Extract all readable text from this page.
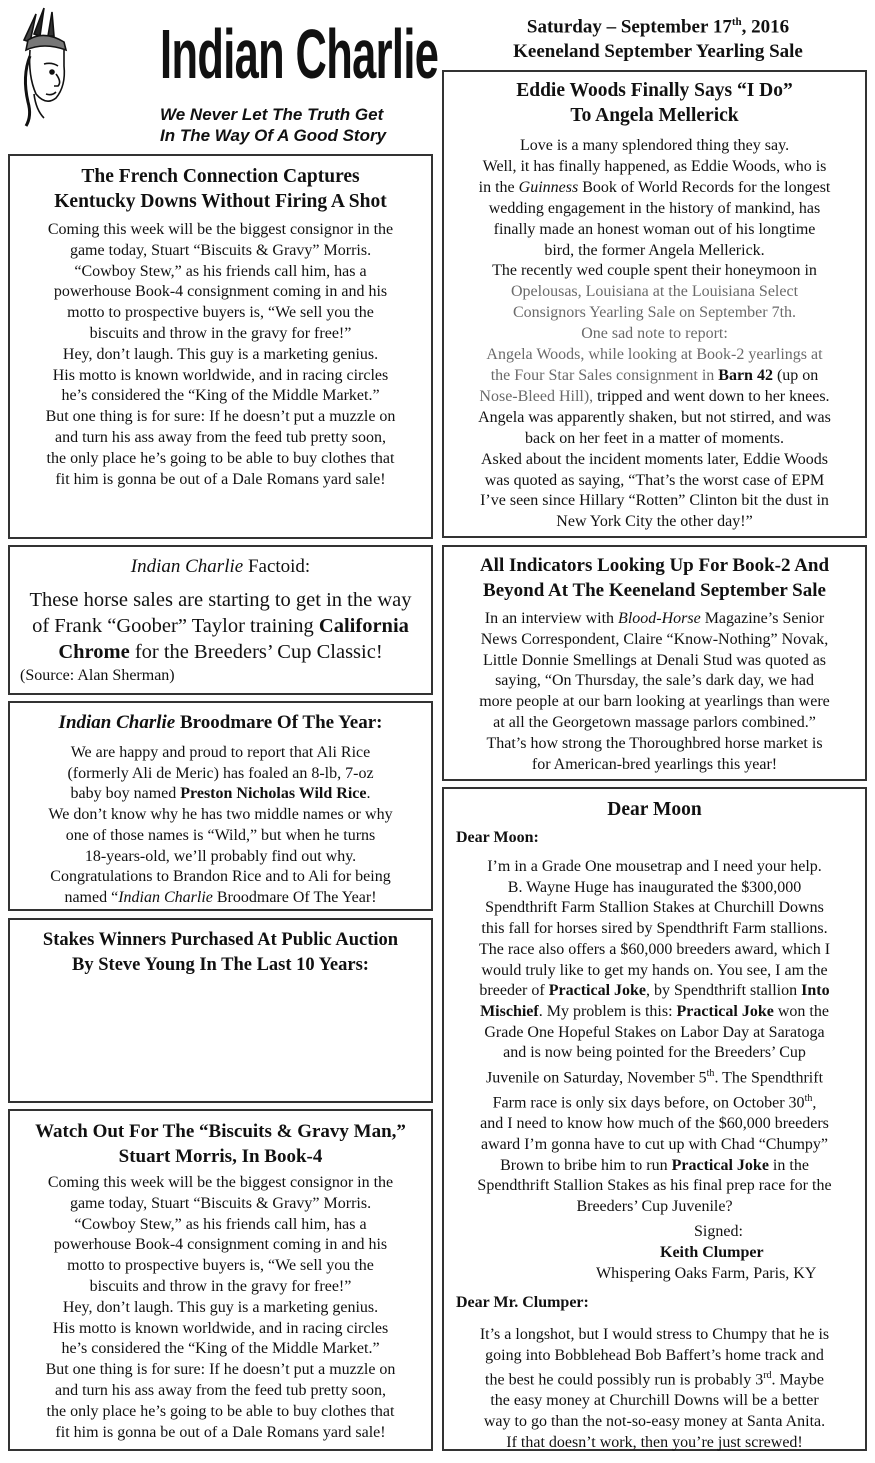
Indian Charlie
We Never Let The Truth Get
In The Way Of A Good Story
Saturday – September 17th, 2016
Keeneland September Yearling Sale
The French Connection Captures
Kentucky Downs Without Firing A Shot
Coming this week will be the biggest consignor in the
game today, Stuart “Biscuits & Gravy” Morris.
“Cowboy Stew,” as his friends call him, has a
powerhouse Book-4 consignment coming in and his
motto to prospective buyers is, “We sell you the
biscuits and throw in the gravy for free!”
Hey, don’t laugh. This guy is a marketing genius.
His motto is known worldwide, and in racing circles
he’s considered the “King of the Middle Market.”
But one thing is for sure: If he doesn’t put a muzzle on
and turn his ass away from the feed tub pretty soon,
the only place he’s going to be able to buy clothes that
fit him is gonna be out of a Dale Romans yard sale!
Indian Charlie Factoid:
These horse sales are starting to get in the way
of Frank “Goober” Taylor training California
Chrome for the Breeders’ Cup Classic!
(Source: Alan Sherman)
Indian Charlie Broodmare Of The Year:
We are happy and proud to report that Ali Rice
(formerly Ali de Meric) has foaled an 8-lb, 7-oz
baby boy named Preston Nicholas Wild Rice.
We don’t know why he has two middle names or why
one of those names is “Wild,” but when he turns
18-years-old, we’ll probably find out why.
Congratulations to Brandon Rice and to Ali for being
named “Indian Charlie Broodmare Of The Year!
Stakes Winners Purchased At Public Auction
By Steve Young In The Last 10 Years:
Watch Out For The “Biscuits & Gravy Man,”
Stuart Morris, In Book-4
Coming this week will be the biggest consignor in the
game today, Stuart “Biscuits & Gravy” Morris.
“Cowboy Stew,” as his friends call him, has a
powerhouse Book-4 consignment coming in and his
motto to prospective buyers is, “We sell you the
biscuits and throw in the gravy for free!”
Hey, don’t laugh. This guy is a marketing genius.
His motto is known worldwide, and in racing circles
he’s considered the “King of the Middle Market.”
But one thing is for sure: If he doesn’t put a muzzle on
and turn his ass away from the feed tub pretty soon,
the only place he’s going to be able to buy clothes that
fit him is gonna be out of a Dale Romans yard sale!
Eddie Woods Finally Says “I Do”
To Angela Mellerick
Love is a many splendored thing they say.
Well, it has finally happened, as Eddie Woods, who is
in the Guinness Book of World Records for the longest
wedding engagement in the history of mankind, has
finally made an honest woman out of his longtime
bird, the former Angela Mellerick.
The recently wed couple spent their honeymoon in
Opelousas, Louisiana at the Louisiana Select
Consignors Yearling Sale on September 7th.
One sad note to report:
Angela Woods, while looking at Book-2 yearlings at
the Four Star Sales consignment in Barn 42 (up on
Nose-Bleed Hill), tripped and went down to her knees.
Angela was apparently shaken, but not stirred, and was
back on her feet in a matter of moments.
Asked about the incident moments later, Eddie Woods
was quoted as saying, “That’s the worst case of EPM
I’ve seen since Hillary “Rotten” Clinton bit the dust in
New York City the other day!”
All Indicators Looking Up For Book-2 And
Beyond At The Keeneland September Sale
In an interview with Blood-Horse Magazine’s Senior
News Correspondent, Claire “Know-Nothing” Novak,
Little Donnie Smellings at Denali Stud was quoted as
saying, “On Thursday, the sale’s dark day, we had
more people at our barn looking at yearlings than were
at all the Georgetown massage parlors combined.”
That’s how strong the Thoroughbred horse market is
for American-bred yearlings this year!
Dear Moon
Dear Moon:
I’m in a Grade One mousetrap and I need your help.
B. Wayne Huge has inaugurated the $300,000
Spendthrift Farm Stallion Stakes at Churchill Downs
this fall for horses sired by Spendthrift Farm stallions.
The race also offers a $60,000 breeders award, which I
would truly like to get my hands on. You see, I am the
breeder of Practical Joke, by Spendthrift stallion Into
Mischief. My problem is this: Practical Joke won the
Grade One Hopeful Stakes on Labor Day at Saratoga
and is now being pointed for the Breeders’ Cup
Juvenile on Saturday, November 5th. The Spendthrift
Farm race is only six days before, on October 30th,
and I need to know how much of the $60,000 breeders
award I’m gonna have to cut up with Chad “Chumpy”
Brown to bribe him to run Practical Joke in the
Spendthrift Stallion Stakes as his final prep race for the
Breeders’ Cup Juvenile?
Signed:
Keith Clumper
Whispering Oaks Farm, Paris, KY
Dear Mr. Clumper:
It’s a longshot, but I would stress to Chumpy that he is
going into Bobblehead Bob Baffert’s home track and
the best he could possibly run is probably 3rd. Maybe
the easy money at Churchill Downs will be a better
way to go than the not-so-easy money at Santa Anita.
If that doesn’t work, then you’re just screwed!
